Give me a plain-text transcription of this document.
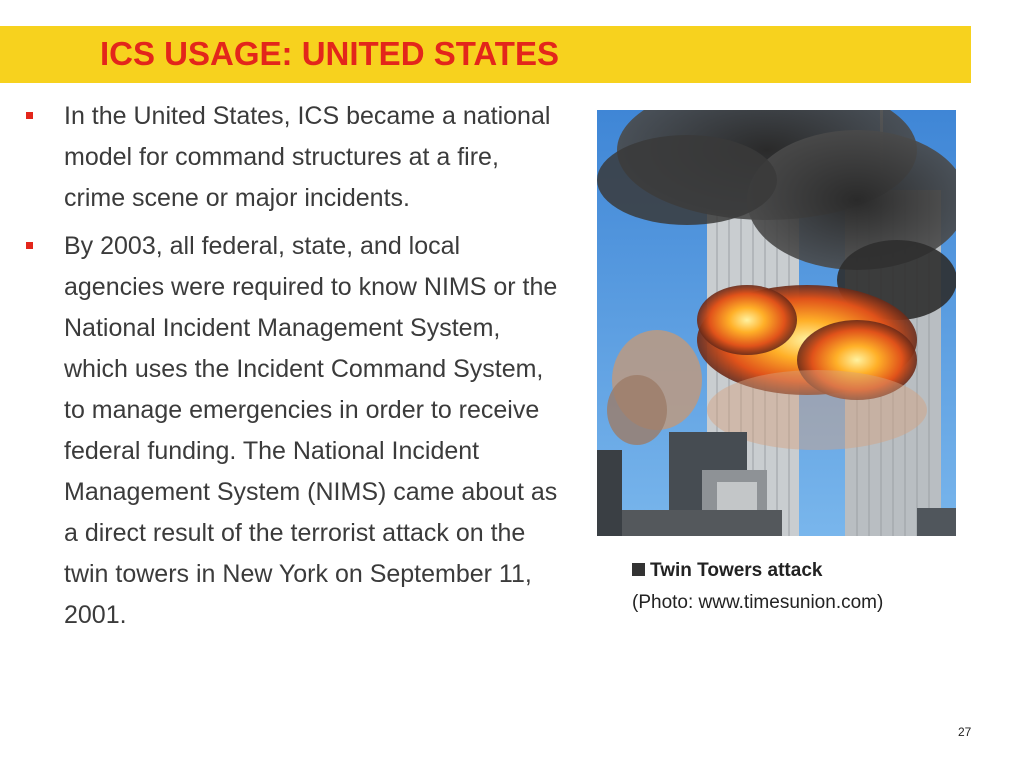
ICS USAGE: UNITED STATES
In the United States, ICS became a national model for command structures at a fire, crime scene or major incidents.
By 2003, all federal, state, and local agencies were required to know NIMS or the National Incident Management System, which uses the Incident Command System, to manage emergencies in order to receive federal funding. The National Incident Management System (NIMS) came about as a direct result of the terrorist attack on the twin towers in New York on September 11, 2001.
Twin Towers attack
(Photo: www.timesunion.com)
27
